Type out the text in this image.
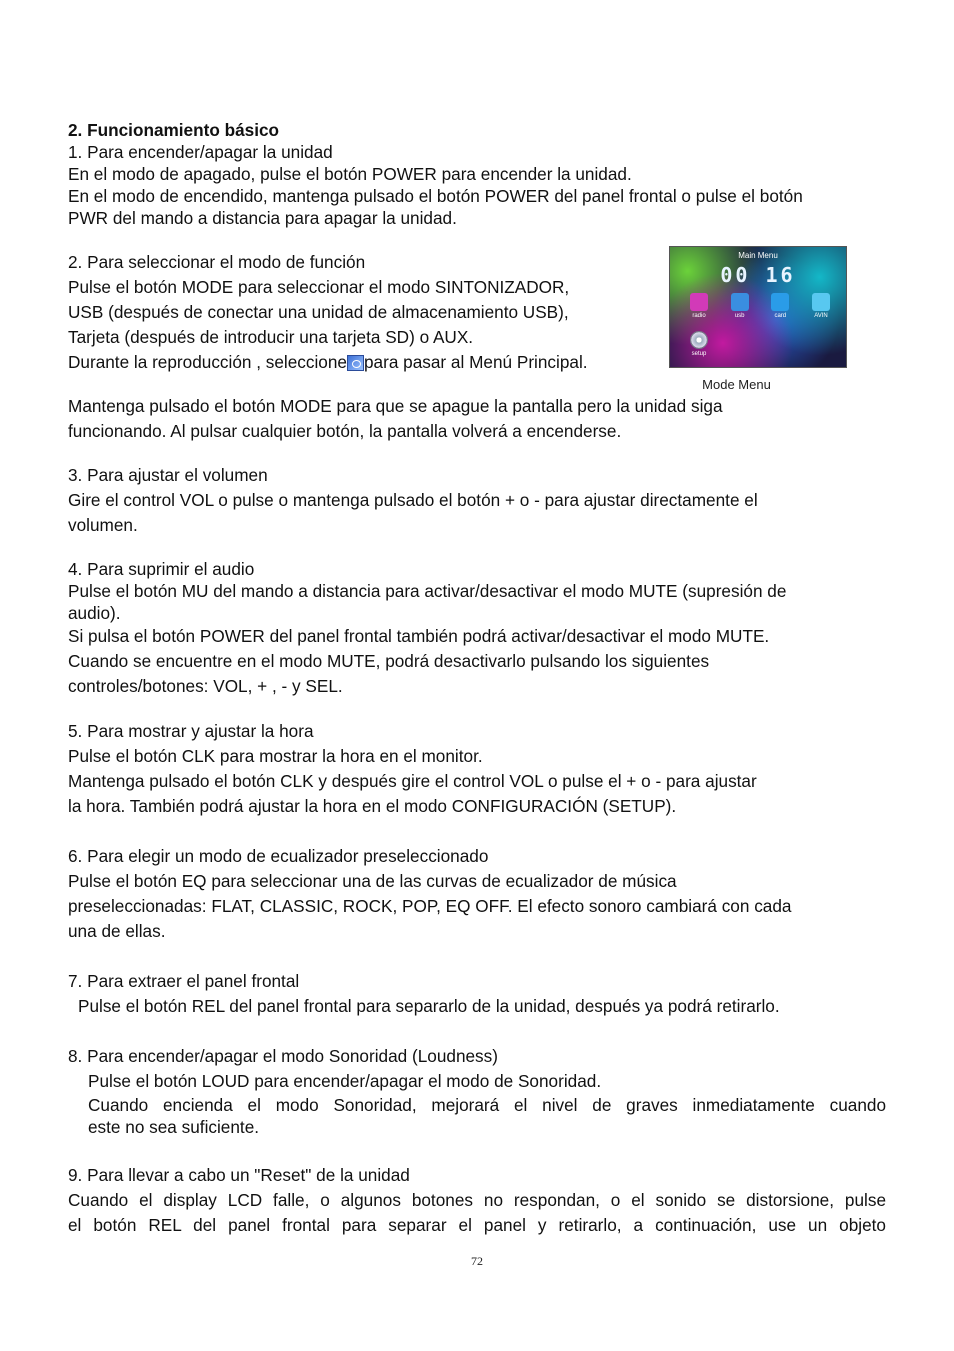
2. Funcionamiento básico

1. Para encender/apagar la unidad

En el modo de apagado, pulse el botón POWER para encender la unidad.

En el modo de encendido, mantenga pulsado el botón POWER del panel frontal o pulse el botón

PWR del mando a distancia para apagar la unidad.

2. Para seleccionar el modo de función

Pulse el botón MODE para seleccionar el modo SINTONIZADOR,

USB (después de conectar una unidad de almacenamiento USB),

Tarjeta (después de introducir una tarjeta SD) o AUX.

Durante la reproducción , seleccione para pasar al Menú Principal.

Mantenga pulsado el botón MODE para que se apague la pantalla pero la unidad siga

funcionando. Al pulsar cualquier botón, la pantalla volverá a encenderse.

3. Para ajustar el volumen

Gire el control VOL o pulse o mantenga pulsado el botón + o - para ajustar directamente el

volumen.

4. Para suprimir el audio

Pulse el botón MU del mando a distancia para activar/desactivar el modo MUTE (supresión de

audio).

Si pulsa el botón POWER del panel frontal también podrá activar/desactivar el modo MUTE.

Cuando se encuentre en el modo MUTE, podrá desactivarlo pulsando los siguientes

controles/botones: VOL, + , - y SEL.

5. Para mostrar y ajustar la hora

Pulse el botón CLK para mostrar la hora en el monitor.

Mantenga pulsado el botón CLK y después gire el control VOL o pulse el + o - para ajustar

la hora. También podrá ajustar la hora en el modo CONFIGURACIÓN (SETUP).

6. Para elegir un modo de ecualizador preseleccionado

Pulse el botón EQ para seleccionar una de las curvas de ecualizador de música

preseleccionadas: FLAT, CLASSIC, ROCK, POP, EQ OFF. El efecto sonoro cambiará con cada

una de ellas.

7. Para extraer el panel frontal

Pulse el botón REL del panel frontal para separarlo de la unidad, después ya podrá retirarlo.

8. Para encender/apagar el modo Sonoridad (Loudness)

Pulse el botón LOUD para encender/apagar el modo de Sonoridad.

Cuando encienda el modo Sonoridad, mejorará el nivel de graves inmediatamente cuando

este no sea suficiente.

9. Para llevar a cabo un "Reset" de la unidad

Cuando el display LCD falle, o algunos botones no respondan, o el sonido se distorsione, pulse

el botón REL del panel frontal para separar el panel y retirarlo, a continuación, use un objeto

Main Menu
00 16
radio	usb	card	AVIN
setup
Mode Menu
72
